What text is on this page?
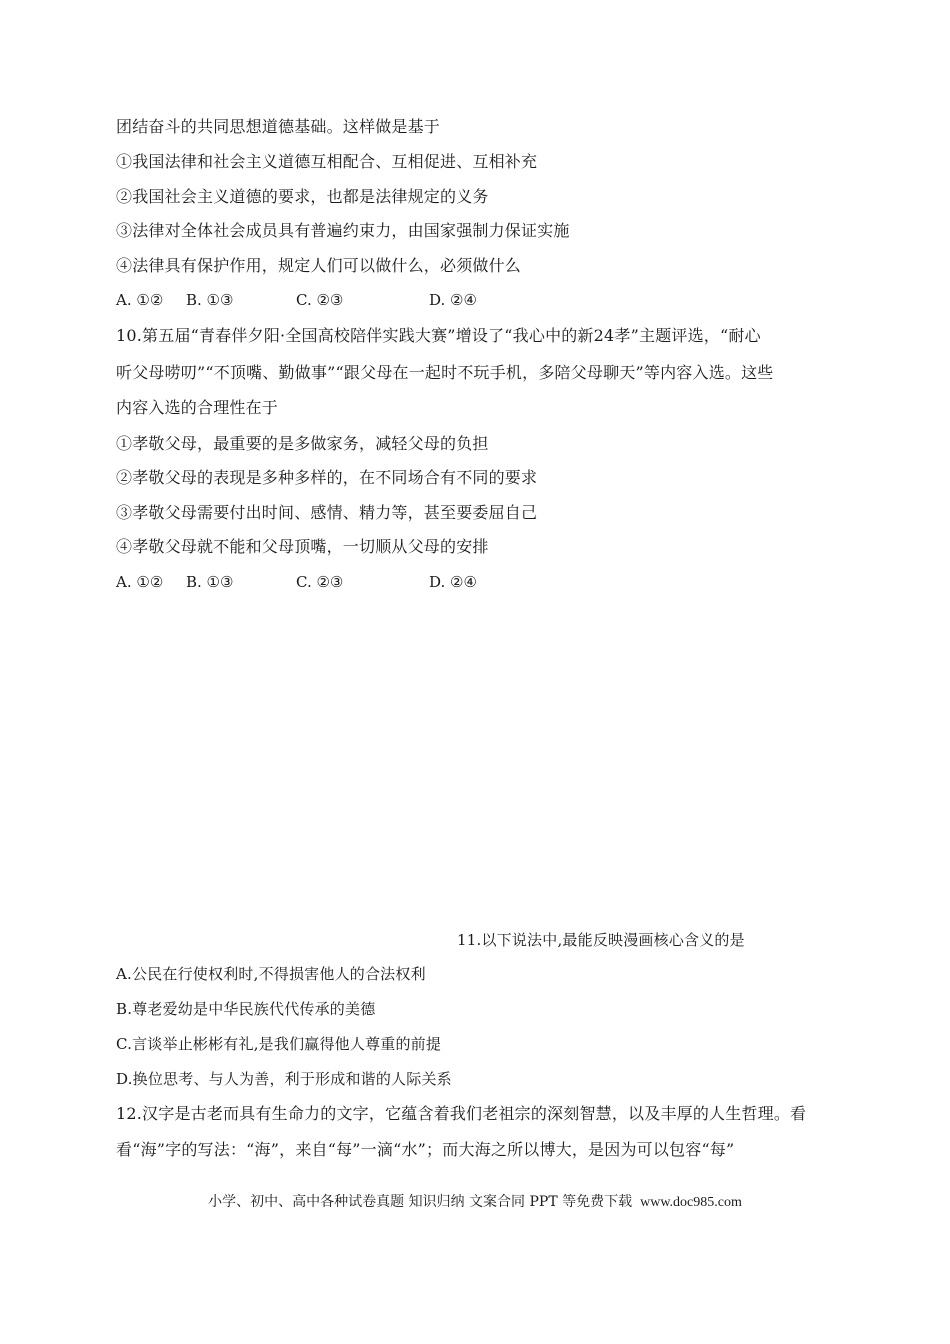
团结奋斗的共同思想道德基础。这样做是基于
①我国法律和社会主义道德互相配合、互相促进、互相补充
②我国社会主义道德的要求，也都是法律规定的义务
③法律对全体社会成员具有普遍约束力，由国家强制力保证实施
④法律具有保护作用，规定人们可以做什么，必须做什么
A. ①② B. ①③	C. ②③	D. ②④
10.第五届“青春伴夕阳·全国高校陪伴实践大赛”增设了“我心中的新24孝”主题评选，“耐心
听父母唠叨”“不顶嘴、勤做事”“跟父母在一起时不玩手机，多陪父母聊天”等内容入选。这些
内容入选的合理性在于
①孝敬父母，最重要的是多做家务，减轻父母的负担
②孝敬父母的表现是多种多样的，在不同场合有不同的要求
③孝敬父母需要付出时间、感情、精力等，甚至要委屈自己
④孝敬父母就不能和父母顶嘴，一切顺从父母的安排
A. ①② B. ①③	C. ②③	D. ②④
11.以下说法中,最能反映漫画核心含义的是
A.公民在行使权利时,不得损害他人的合法权利
B.尊老爱幼是中华民族代代传承的美德
C.言谈举止彬彬有礼,是我们赢得他人尊重的前提
D.换位思考、与人为善，利于形成和谐的人际关系
12.汉字是古老而具有生命力的文字，它蕴含着我们老祖宗的深刻智慧，以及丰厚的人生哲理。看
看“海”字的写法：“海”，来自“每”一滴“水”；而大海之所以博大，是因为可以包容“每”
小学、初中、高中各种试卷真题 知识归纳 文案合同 PPT 等免费下载 www.doc985.com
